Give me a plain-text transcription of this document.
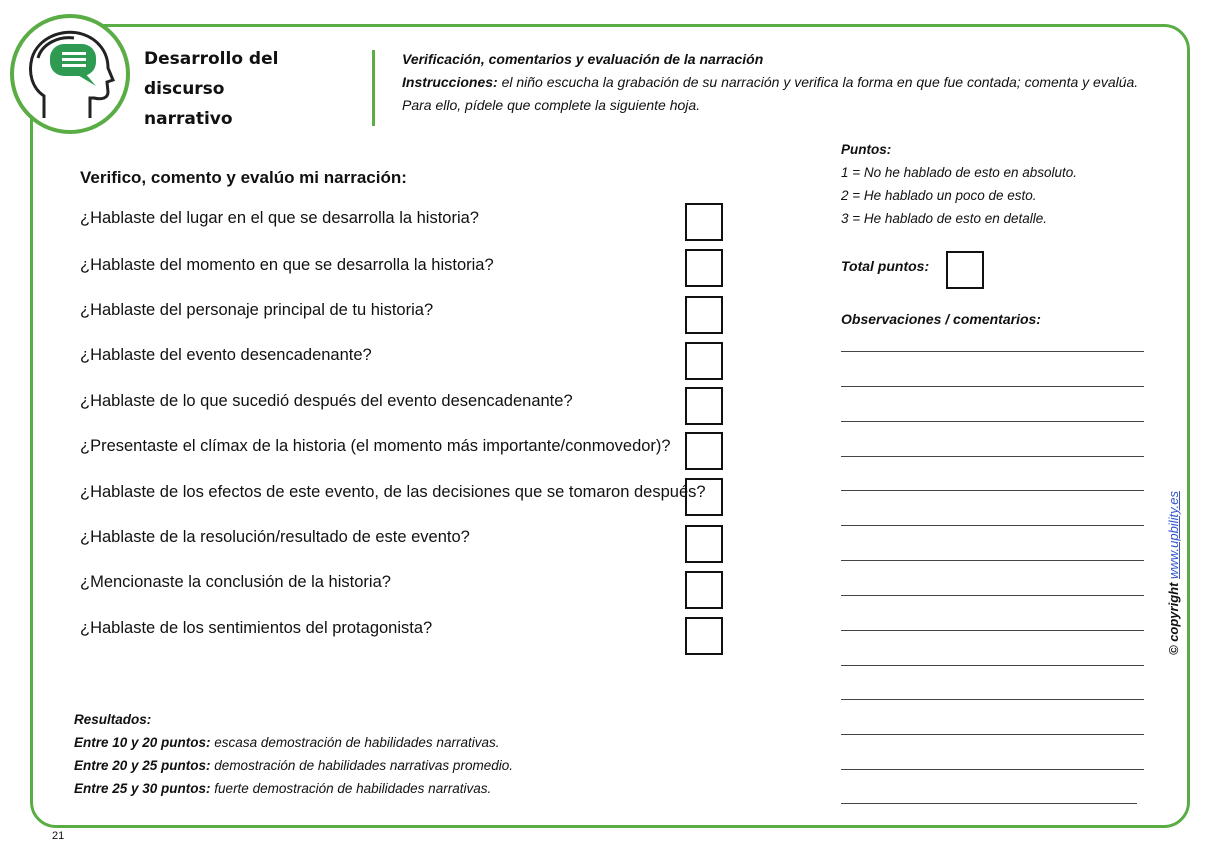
Desarrollo del discurso
narrativo
Verificación, comentarios y evaluación de la narración
Instrucciones: el niño escucha la grabación de su narración y verifica la forma en que fue contada; comenta y evalúa. Para ello, pídele que complete la siguiente hoja.
Verifico, comento y evalúo mi narración:
¿Hablaste del lugar en el que se desarrolla la historia?
¿Hablaste del momento en que se desarrolla la historia?
¿Hablaste del personaje principal de tu historia?
¿Hablaste del evento desencadenante?
¿Hablaste de lo que sucedió después del evento desencadenante?
¿Presentaste el clímax de la historia (el momento más importante/conmovedor)?
¿Hablaste de los efectos de este evento, de las decisiones que se tomaron después?
¿Hablaste de la resolución/resultado de este evento?
¿Mencionaste la conclusión de la historia?
¿Hablaste de los sentimientos del protagonista?
Puntos:
1 = No he hablado de esto en absoluto.
2 = He hablado un poco de esto.
3 = He hablado de esto en detalle.
Total puntos:
Observaciones / comentarios:
Resultados:
Entre 10 y 20 puntos: escasa demostración de habilidades narrativas.
Entre 20 y 25 puntos: demostración de habilidades narrativas promedio.
Entre 25 y 30 puntos: fuerte demostración de habilidades narrativas.
© copyright www.upbility.es
21
